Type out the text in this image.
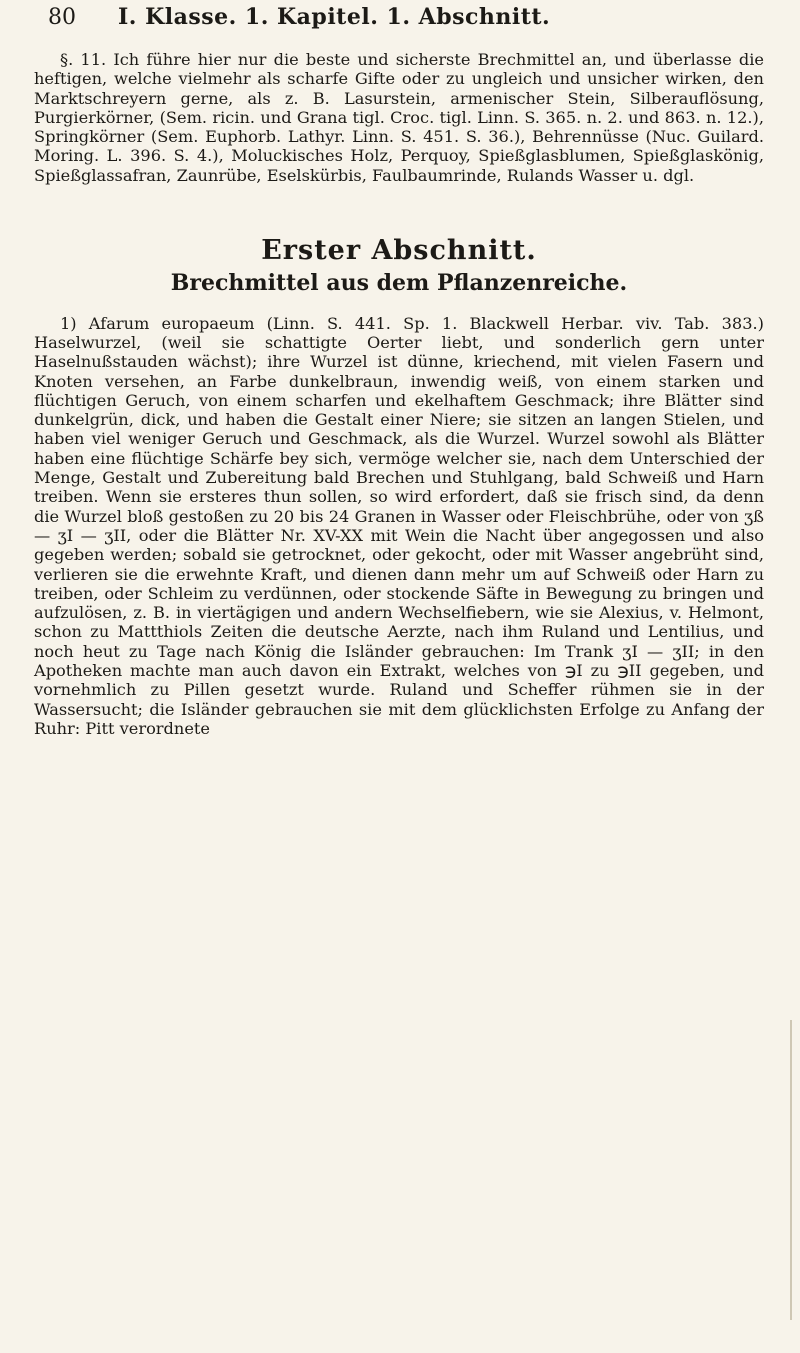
80	I. Klasse. 1. Kapitel. 1. Abschnitt.

§. 11. Ich führe hier nur die beste und sicherste Brechmittel an, und überlasse die heftigen, welche vielmehr als scharfe Gifte oder zu ungleich und unsicher wirken, den Marktschreyern gerne, als z. B. Lasurstein, armenischer Stein, Silberauflösung, Purgierkörner, (Sem. ricin. und Grana tigl. Croc. tigl. Linn. S. 365. n. 2. und 863. n. 12.), Springkörner (Sem. Euphorb. Lathyr. Linn. S. 451. S. 36.), Behrennüsse (Nuc. Guilard. Moring. L. 396. S. 4.), Moluckisches Holz, Perquoy, Spießglasblumen, Spießglaskönig, Spießglassafran, Zaunrübe, Eselskürbis, Faulbaumrinde, Rulands Wasser u. dgl.

Erster Abschnitt.
Brechmittel aus dem Pflanzenreiche.

1) Afarum europaeum (Linn. S. 441. Sp. 1. Blackwell Herbar. viv. Tab. 383.) Haselwurzel, (weil sie schattigte Oerter liebt, und sonderlich gern unter Haselnußstauden wächst); ihre Wurzel ist dünne, kriechend, mit vielen Fasern und Knoten versehen, an Farbe dunkelbraun, inwendig weiß, von einem starken und flüchtigen Geruch, von einem scharfen und ekelhaftem Geschmack; ihre Blätter sind dunkelgrün, dick, und haben die Gestalt einer Niere; sie sitzen an langen Stielen, und haben viel weniger Geruch und Geschmack, als die Wurzel. Wurzel sowohl als Blätter haben eine flüchtige Schärfe bey sich, vermöge welcher sie, nach dem Unterschied der Menge, Gestalt und Zubereitung bald Brechen und Stuhlgang, bald Schweiß und Harn treiben. Wenn sie ersteres thun sollen, so wird erfordert, daß sie frisch sind, da denn die Wurzel bloß gestoßen zu 20 bis 24 Granen in Wasser oder Fleischbrühe, oder von ʒß — ʒI — ʒII, oder die Blätter Nr. XV-XX mit Wein die Nacht über angegossen und also gegeben werden; sobald sie getrocknet, oder gekocht, oder mit Wasser angebrüht sind, verlieren sie die erwehnte Kraft, und dienen dann mehr um auf Schweiß oder Harn zu treiben, oder Schleim zu verdünnen, oder stockende Säfte in Bewegung zu bringen und aufzulösen, z. B. in viertägigen und andern Wechselfiebern, wie sie Alexius, v. Helmont, schon zu Mattthiols Zeiten die deutsche Aerzte, nach ihm Ruland und Lentilius, und noch heut zu Tage nach König die Isländer gebrauchen: Im Trank ʒI — ʒII; in den Apotheken machte man auch davon ein Extrakt, welches von ℈I zu ℈II gegeben, und vornehmlich zu Pillen gesetzt wurde. Ruland und Scheffer rühmen sie in der Wassersucht; die Isländer gebrauchen sie mit dem glücklichsten Erfolge zu Anfang der Ruhr: Pitt verordnete
